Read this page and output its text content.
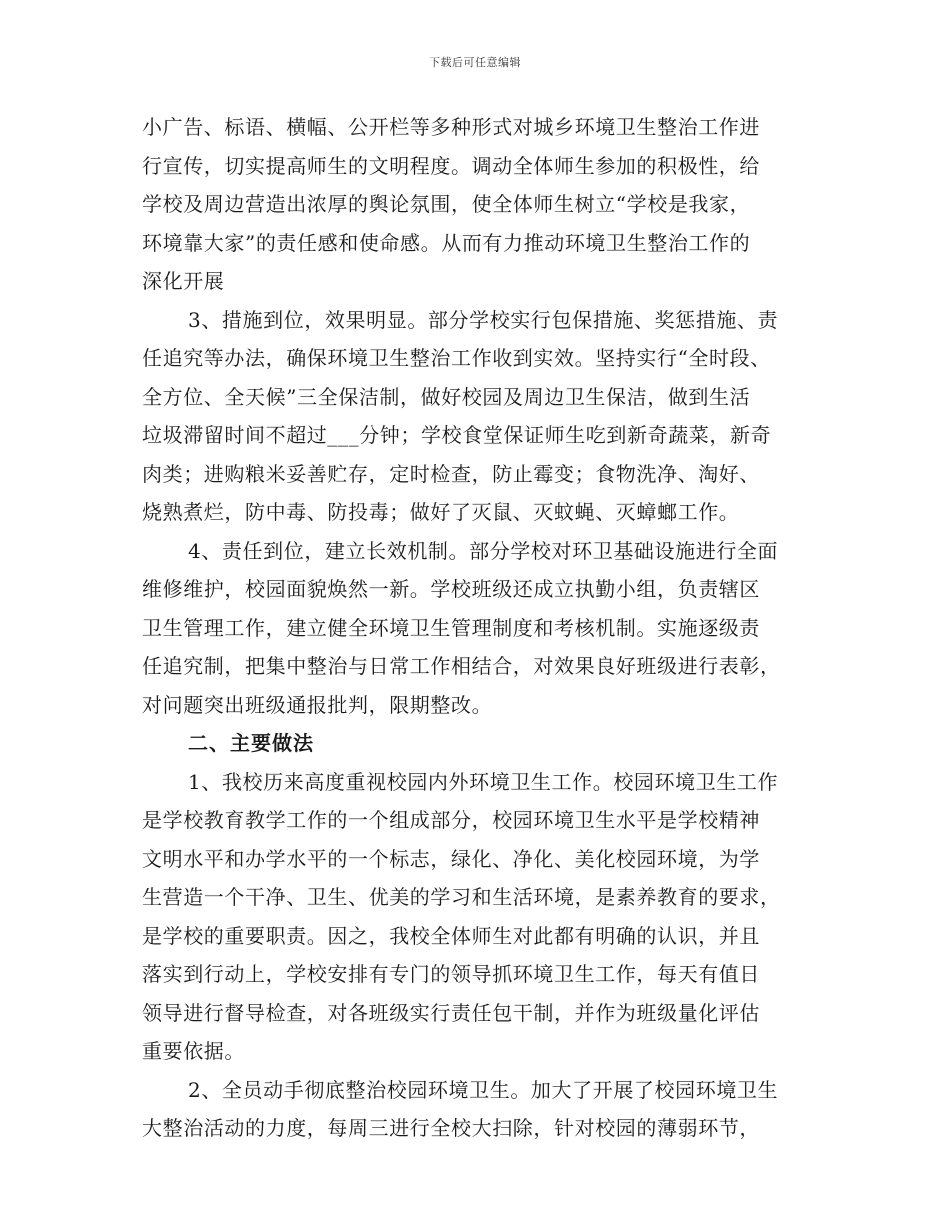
下载后可任意编辑
小广告、标语、横幅、公开栏等多种形式对城乡环境卫生整治工作进
行宣传，切实提高师生的文明程度。调动全体师生参加的积极性，给
学校及周边营造出浓厚的舆论氛围，使全体师生树立“学校是我家，
环境靠大家”的责任感和使命感。从而有力推动环境卫生整治工作的
深化开展
3、措施到位，效果明显。部分学校实行包保措施、奖惩措施、责
任追究等办法，确保环境卫生整治工作收到实效。坚持实行“全时段、
全方位、全天候”三全保洁制，做好校园及周边卫生保洁，做到生活
垃圾滞留时间不超过___分钟；学校食堂保证师生吃到新奇蔬菜，新奇
肉类；进购粮米妥善贮存，定时检查，防止霉变；食物洗净、淘好、
烧熟煮烂，防中毒、防投毒；做好了灭鼠、灭蚊蝇、灭蟑螂工作。
4、责任到位，建立长效机制。部分学校对环卫基础设施进行全面
维修维护，校园面貌焕然一新。学校班级还成立执勤小组，负责辖区
卫生管理工作，建立健全环境卫生管理制度和考核机制。实施逐级责
任追究制，把集中整治与日常工作相结合，对效果良好班级进行表彰，
对问题突出班级通报批判，限期整改。
二、主要做法
1、我校历来高度重视校园内外环境卫生工作。校园环境卫生工作
是学校教育教学工作的一个组成部分，校园环境卫生水平是学校精神
文明水平和办学水平的一个标志，绿化、净化、美化校园环境，为学
生营造一个干净、卫生、优美的学习和生活环境，是素养教育的要求，
是学校的重要职责。因之，我校全体师生对此都有明确的认识，并且
落实到行动上，学校安排有专门的领导抓环境卫生工作，每天有值日
领导进行督导检查，对各班级实行责任包干制，并作为班级量化评估
重要依据。
2、全员动手彻底整治校园环境卫生。加大了开展了校园环境卫生
大整治活动的力度，每周三进行全校大扫除，针对校园的薄弱环节，
